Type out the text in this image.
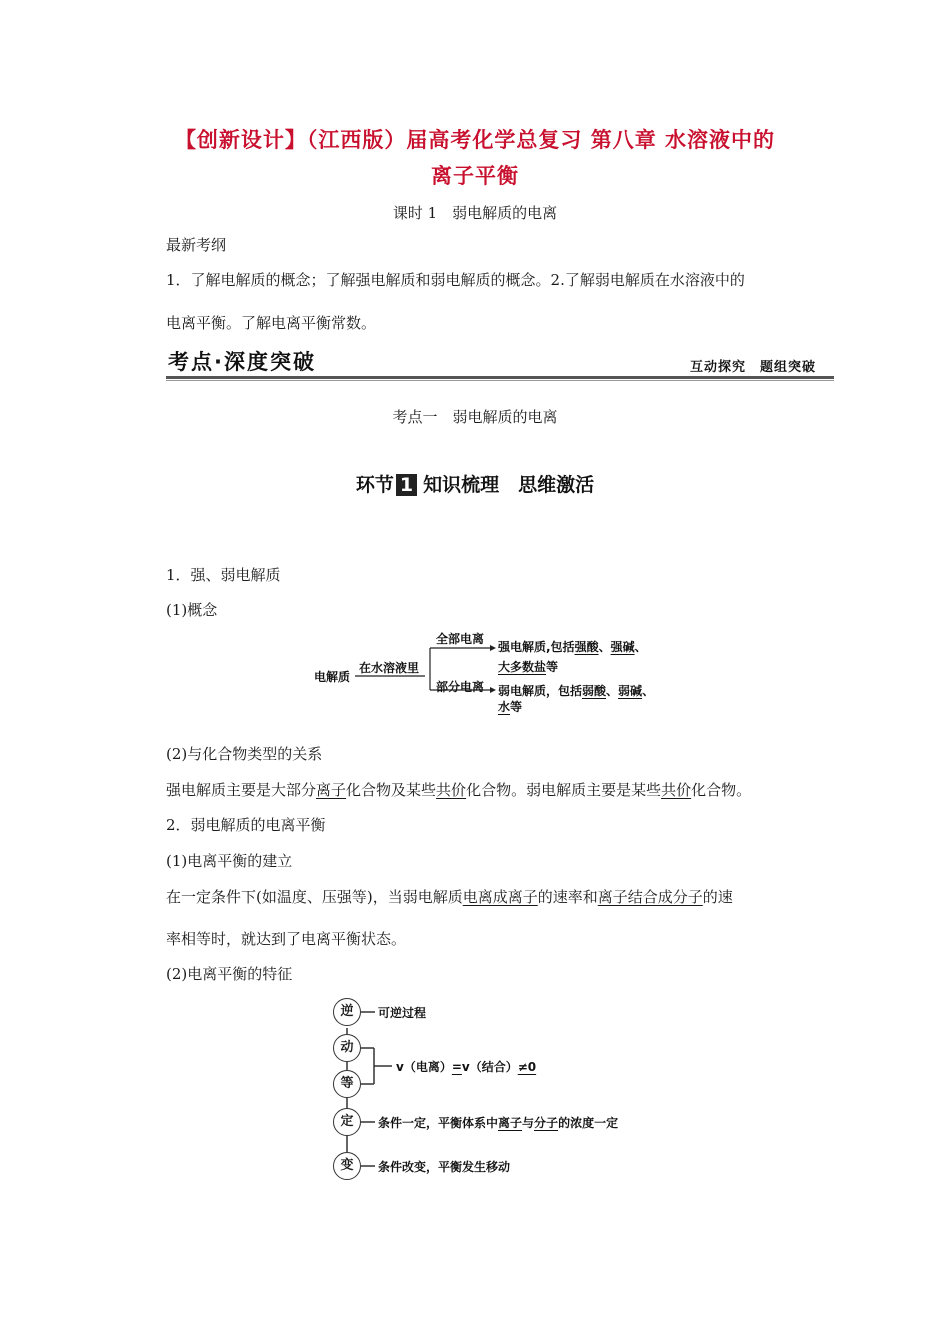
【创新设计】（江西版）届高考化学总复习 第八章 水溶液中的
离子平衡
课时 1　弱电解质的电离
最新考纲
1．了解电解质的概念；了解强电解质和弱电解质的概念。2.了解弱电解质在水溶液中的
电离平衡。了解电离平衡常数。
考点·深度突破	互动探究　题组突破
考点一　弱电解质的电离
环节 1 知识梳理　思维激活
1．强、弱电解质
(1)概念
电解质
在水溶液里
全部电离
部分电离
强电解质,包括强酸、强碱、
大多数盐等
弱电解质，包括弱酸、弱碱、
水等
(2)与化合物类型的关系
强电解质主要是大部分离子化合物及某些共价化合物。弱电解质主要是某些共价化合物。
2．弱电解质的电离平衡
(1)电离平衡的建立
在一定条件下(如温度、压强等)，当弱电解质电离成离子的速率和离子结合成分子的速
率相等时，就达到了电离平衡状态。
(2)电离平衡的特征
逆
动
等
定
变
可逆过程
v（电离）=v（结合）≠0
条件一定，平衡体系中离子与分子的浓度一定
条件改变，平衡发生移动
